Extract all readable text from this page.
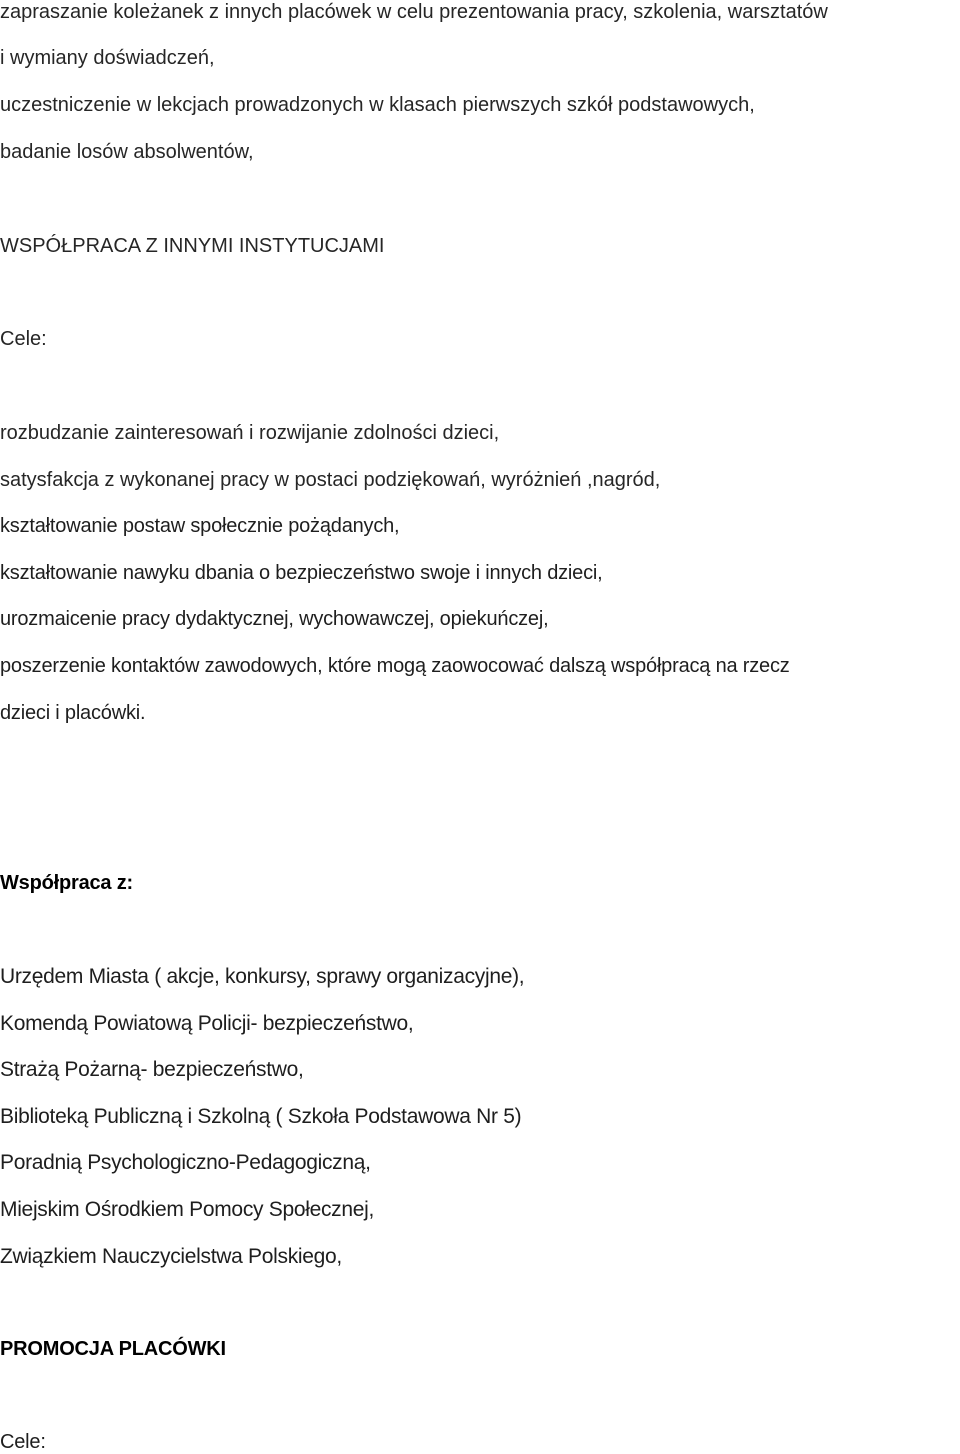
zapraszanie koleżanek z innych placówek w celu prezentowania pracy, szkolenia, warsztatów
i wymiany doświadczeń,
uczestniczenie w lekcjach prowadzonych w klasach pierwszych szkół podstawowych,
badanie losów absolwentów,
WSPÓŁPRACA Z INNYMI INSTYTUCJAMI
Cele:
rozbudzanie zainteresowań i rozwijanie zdolności dzieci,
satysfakcja z wykonanej pracy w postaci podziękowań, wyróżnień ,nagród,
kształtowanie postaw społecznie pożądanych,
kształtowanie nawyku dbania o bezpieczeństwo swoje i innych dzieci,
urozmaicenie pracy dydaktycznej, wychowawczej, opiekuńczej,
poszerzenie kontaktów zawodowych, które mogą zaowocować dalszą współpracą na rzecz
dzieci i placówki.
Współpraca z:
Urzędem Miasta ( akcje, konkursy, sprawy organizacyjne),
Komendą Powiatową Policji- bezpieczeństwo,
Strażą Pożarną- bezpieczeństwo,
Biblioteką Publiczną i Szkolną ( Szkoła Podstawowa Nr 5)
Poradnią Psychologiczno-Pedagogiczną,
Miejskim Ośrodkiem Pomocy Społecznej,
Związkiem Nauczycielstwa Polskiego,
PROMOCJA PLACÓWKI
Cele:
